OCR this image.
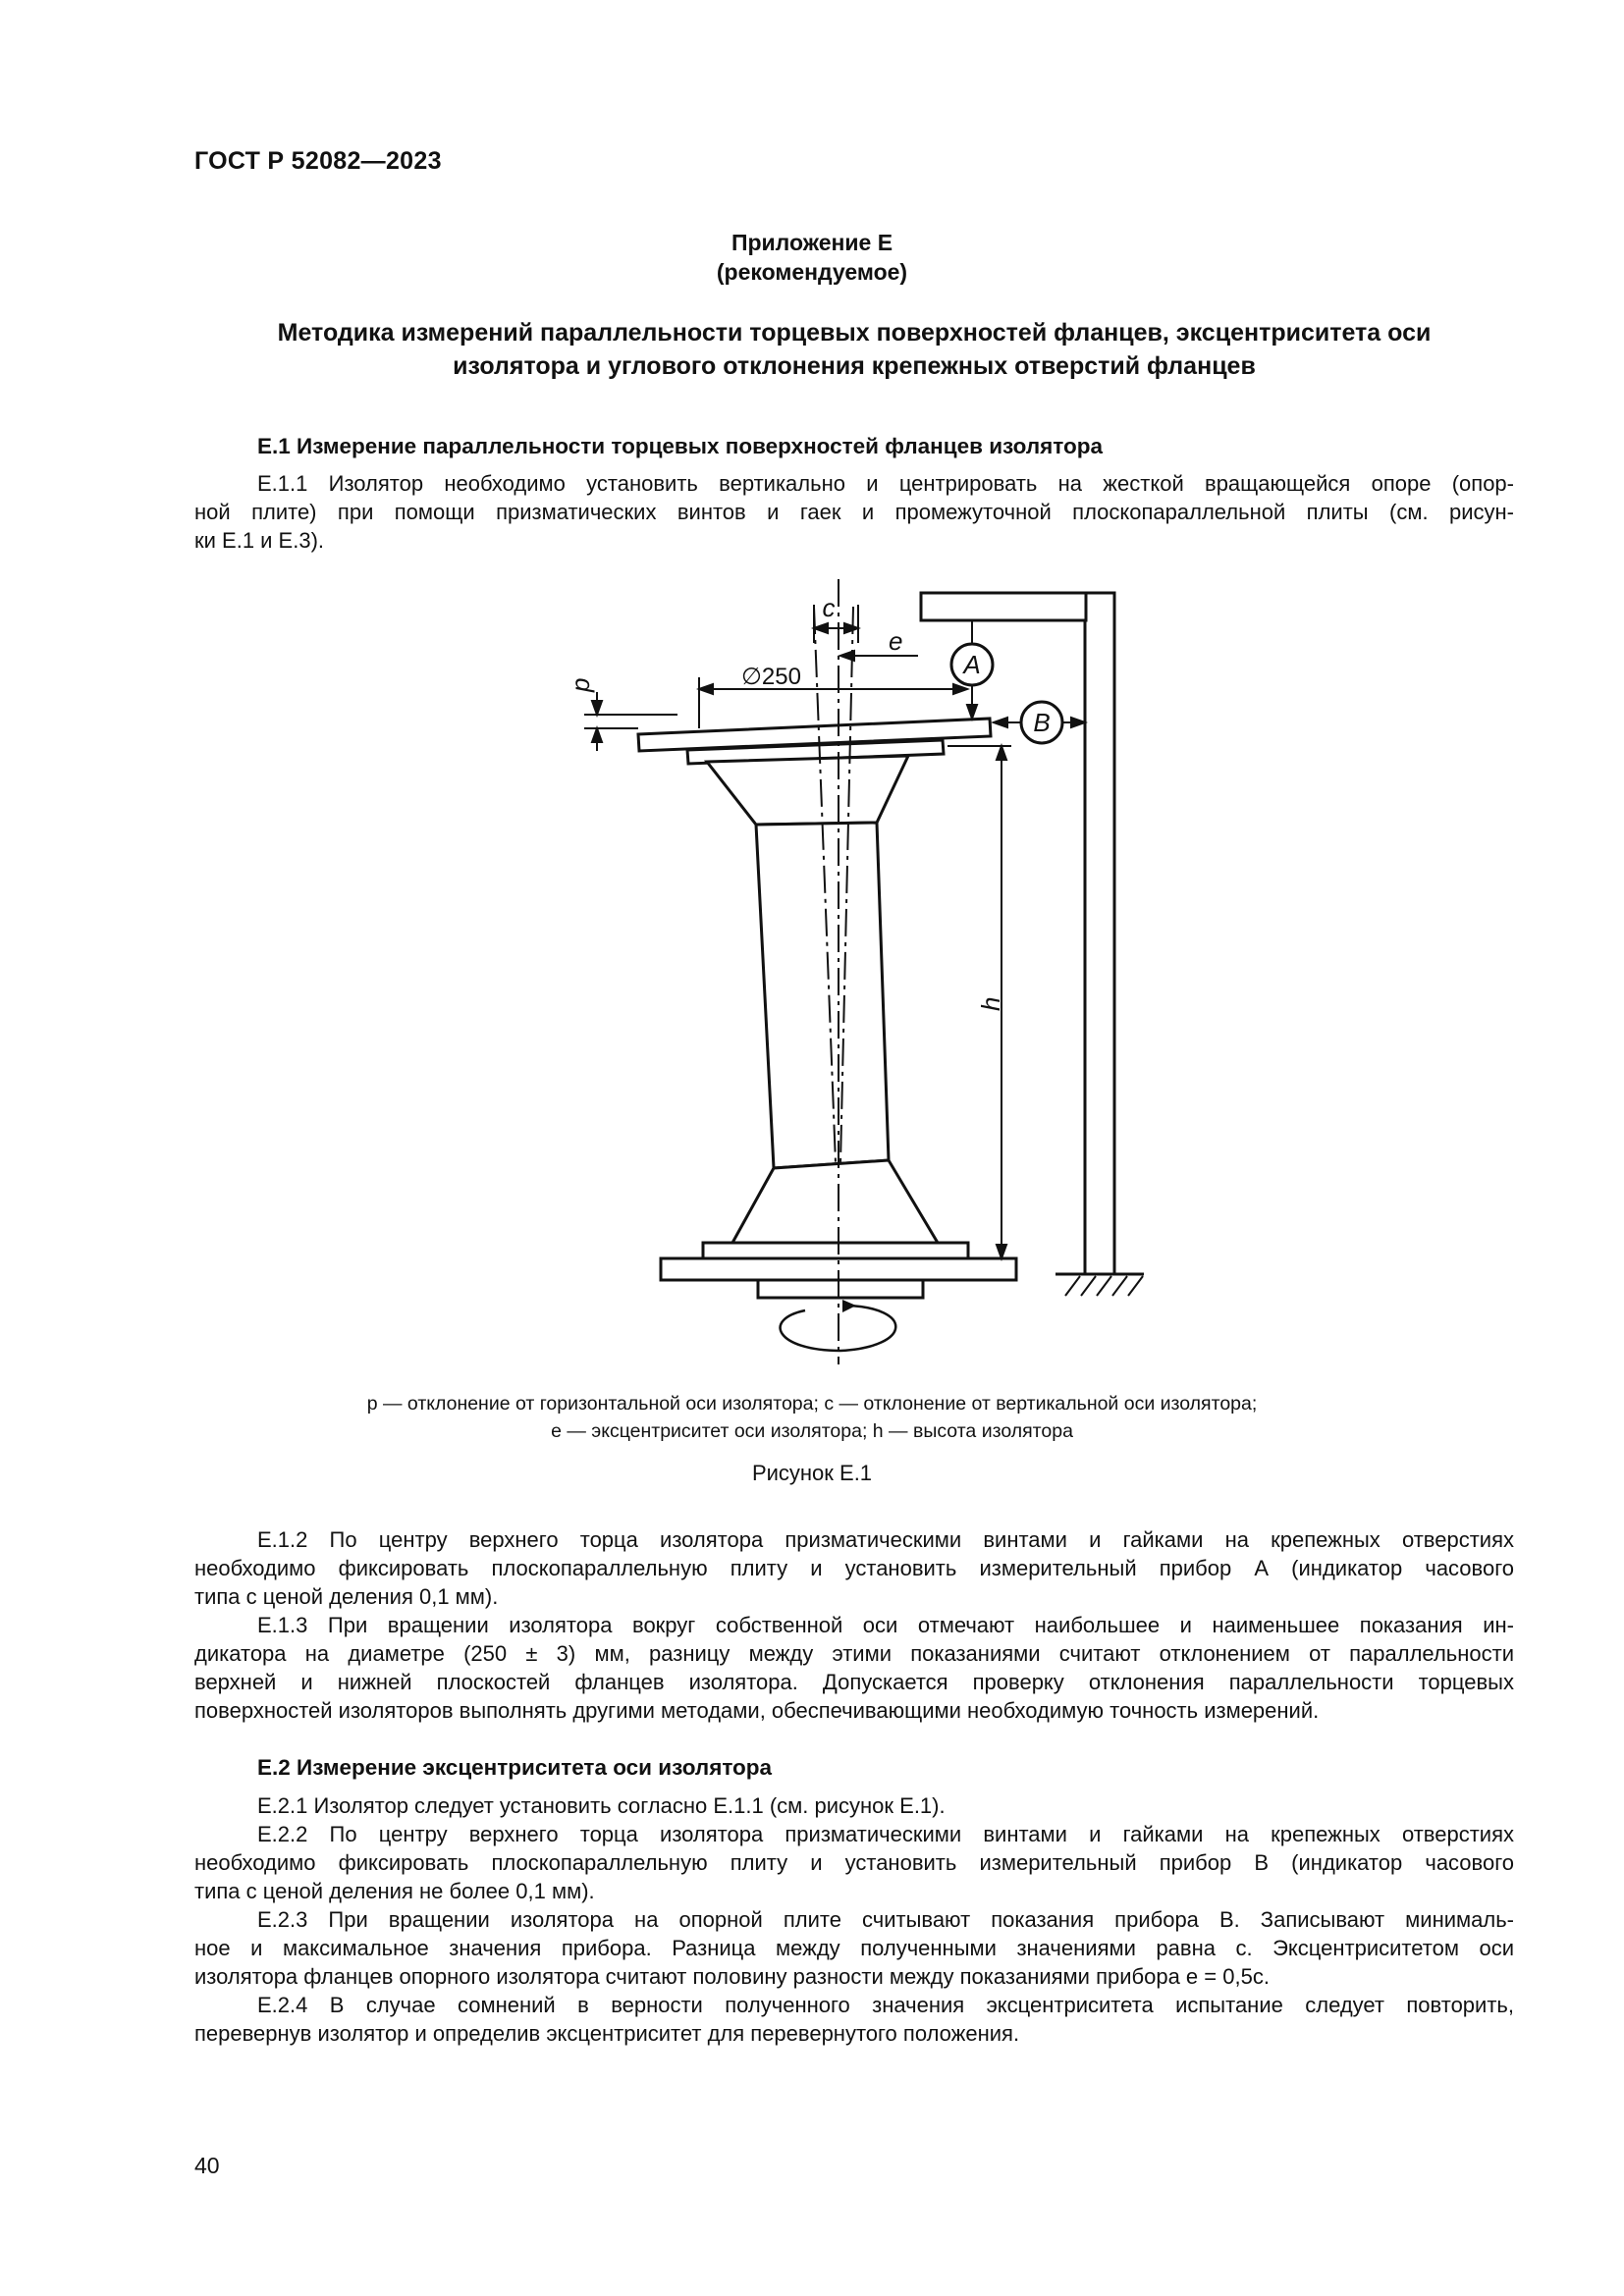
ГОСТ Р 52082—2023
Приложение Е
(рекомендуемое)
Методика измерений параллельности торцевых поверхностей фланцев, эксцентриситета оси
изолятора и углового отклонения крепежных отверстий фланцев
Е.1 Измерение параллельности торцевых поверхностей фланцев изолятора

Е.1.1 Изолятор необходимо установить вертикально и центрировать на жесткой вращающейся опоре (опор-
ной плите) при помощи призматических винтов и гаек и промежуточной плоскопараллельной плиты (см. рисун-
ки Е.1 и Е.3).

c
e
∅250	A
B
p
h
p — отклонение от горизонтальной оси изолятора; c — отклонение от вертикальной оси изолятора;
e — эксцентриситет оси изолятора; h — высота изолятора
Рисунок Е.1

Е.1.2 По центру верхнего торца изолятора призматическими винтами и гайками на крепежных отверстиях
необходимо фиксировать плоскопараллельную плиту и установить измерительный прибор А (индикатор часового
типа с ценой деления 0,1 мм).

Е.1.3 При вращении изолятора вокруг собственной оси отмечают наибольшее и наименьшее показания ин-
дикатора на диаметре (250 ± 3) мм, разницу между этими показаниями считают отклонением от параллельности
верхней и нижней плоскостей фланцев изолятора. Допускается проверку отклонения параллельности торцевых
поверхностей изоляторов выполнять другими методами, обеспечивающими необходимую точность измерений.

Е.2 Измерение эксцентриситета оси изолятора

Е.2.1 Изолятор следует установить согласно Е.1.1 (см. рисунок Е.1).

Е.2.2 По центру верхнего торца изолятора призматическими винтами и гайками на крепежных отверстиях
необходимо фиксировать плоскопараллельную плиту и установить измерительный прибор В (индикатор часового
типа с ценой деления не более 0,1 мм).

Е.2.3 При вращении изолятора на опорной плите считывают показания прибора В. Записывают минималь-
ное и максимальное значения прибора. Разница между полученными значениями равна c. Эксцентриситетом оси
изолятора фланцев опорного изолятора считают половину разности между показаниями прибора e = 0,5c.

Е.2.4 В случае сомнений в верности полученного значения эксцентриситета испытание следует повторить,
перевернув изолятор и определив эксцентриситет для перевернутого положения.

40
